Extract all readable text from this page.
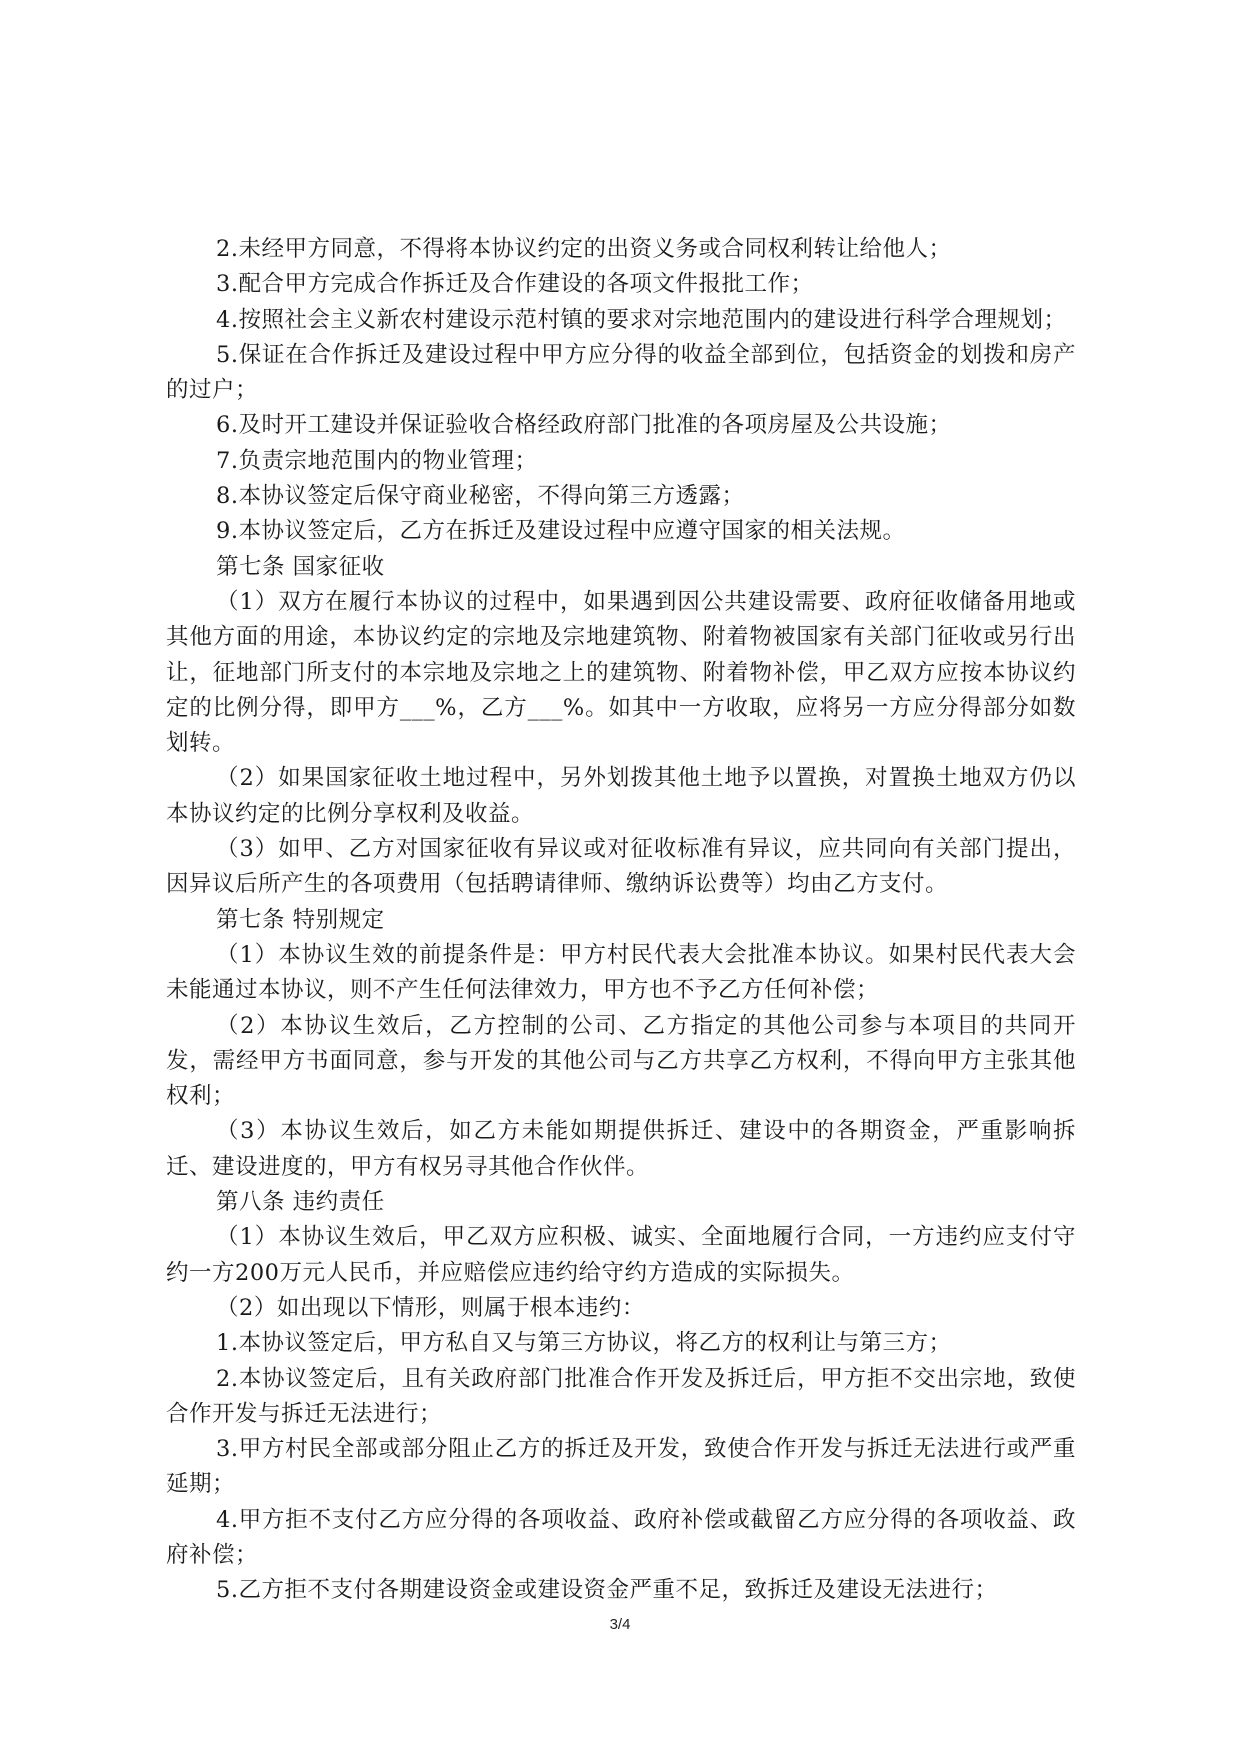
2.未经甲方同意，不得将本协议约定的出资义务或合同权利转让给他人；

3.配合甲方完成合作拆迁及合作建设的各项文件报批工作；

4.按照社会主义新农村建设示范村镇的要求对宗地范围内的建设进行科学合理规划；

5.保证在合作拆迁及建设过程中甲方应分得的收益全部到位，包括资金的划拨和房产的过户；

6.及时开工建设并保证验收合格经政府部门批准的各项房屋及公共设施；

7.负责宗地范围内的物业管理；

8.本协议签定后保守商业秘密，不得向第三方透露；

9.本协议签定后，乙方在拆迁及建设过程中应遵守国家的相关法规。

第七条 国家征收

（1）双方在履行本协议的过程中，如果遇到因公共建设需要、政府征收储备用地或其他方面的用途，本协议约定的宗地及宗地建筑物、附着物被国家有关部门征收或另行出让，征地部门所支付的本宗地及宗地之上的建筑物、附着物补偿，甲乙双方应按本协议约定的比例分得，即甲方___%，乙方___%。如其中一方收取，应将另一方应分得部分如数划转。

（2）如果国家征收土地过程中，另外划拨其他土地予以置换，对置换土地双方仍以本协议约定的比例分享权利及收益。

（3）如甲、乙方对国家征收有异议或对征收标准有异议，应共同向有关部门提出，因异议后所产生的各项费用（包括聘请律师、缴纳诉讼费等）均由乙方支付。

第七条 特别规定

（1）本协议生效的前提条件是：甲方村民代表大会批准本协议。如果村民代表大会未能通过本协议，则不产生任何法律效力，甲方也不予乙方任何补偿；

（2）本协议生效后，乙方控制的公司、乙方指定的其他公司参与本项目的共同开发，需经甲方书面同意，参与开发的其他公司与乙方共享乙方权利，不得向甲方主张其他权利；

（3）本协议生效后，如乙方未能如期提供拆迁、建设中的各期资金，严重影响拆迁、建设进度的，甲方有权另寻其他合作伙伴。

第八条 违约责任

（1）本协议生效后，甲乙双方应积极、诚实、全面地履行合同，一方违约应支付守约一方200万元人民币，并应赔偿应违约给守约方造成的实际损失。

（2）如出现以下情形，则属于根本违约：

1.本协议签定后，甲方私自又与第三方协议，将乙方的权利让与第三方；

2.本协议签定后，且有关政府部门批准合作开发及拆迁后，甲方拒不交出宗地，致使合作开发与拆迁无法进行；

3.甲方村民全部或部分阻止乙方的拆迁及开发，致使合作开发与拆迁无法进行或严重延期；

4.甲方拒不支付乙方应分得的各项收益、政府补偿或截留乙方应分得的各项收益、政府补偿；

5.乙方拒不支付各期建设资金或建设资金严重不足，致拆迁及建设无法进行；

3/4
